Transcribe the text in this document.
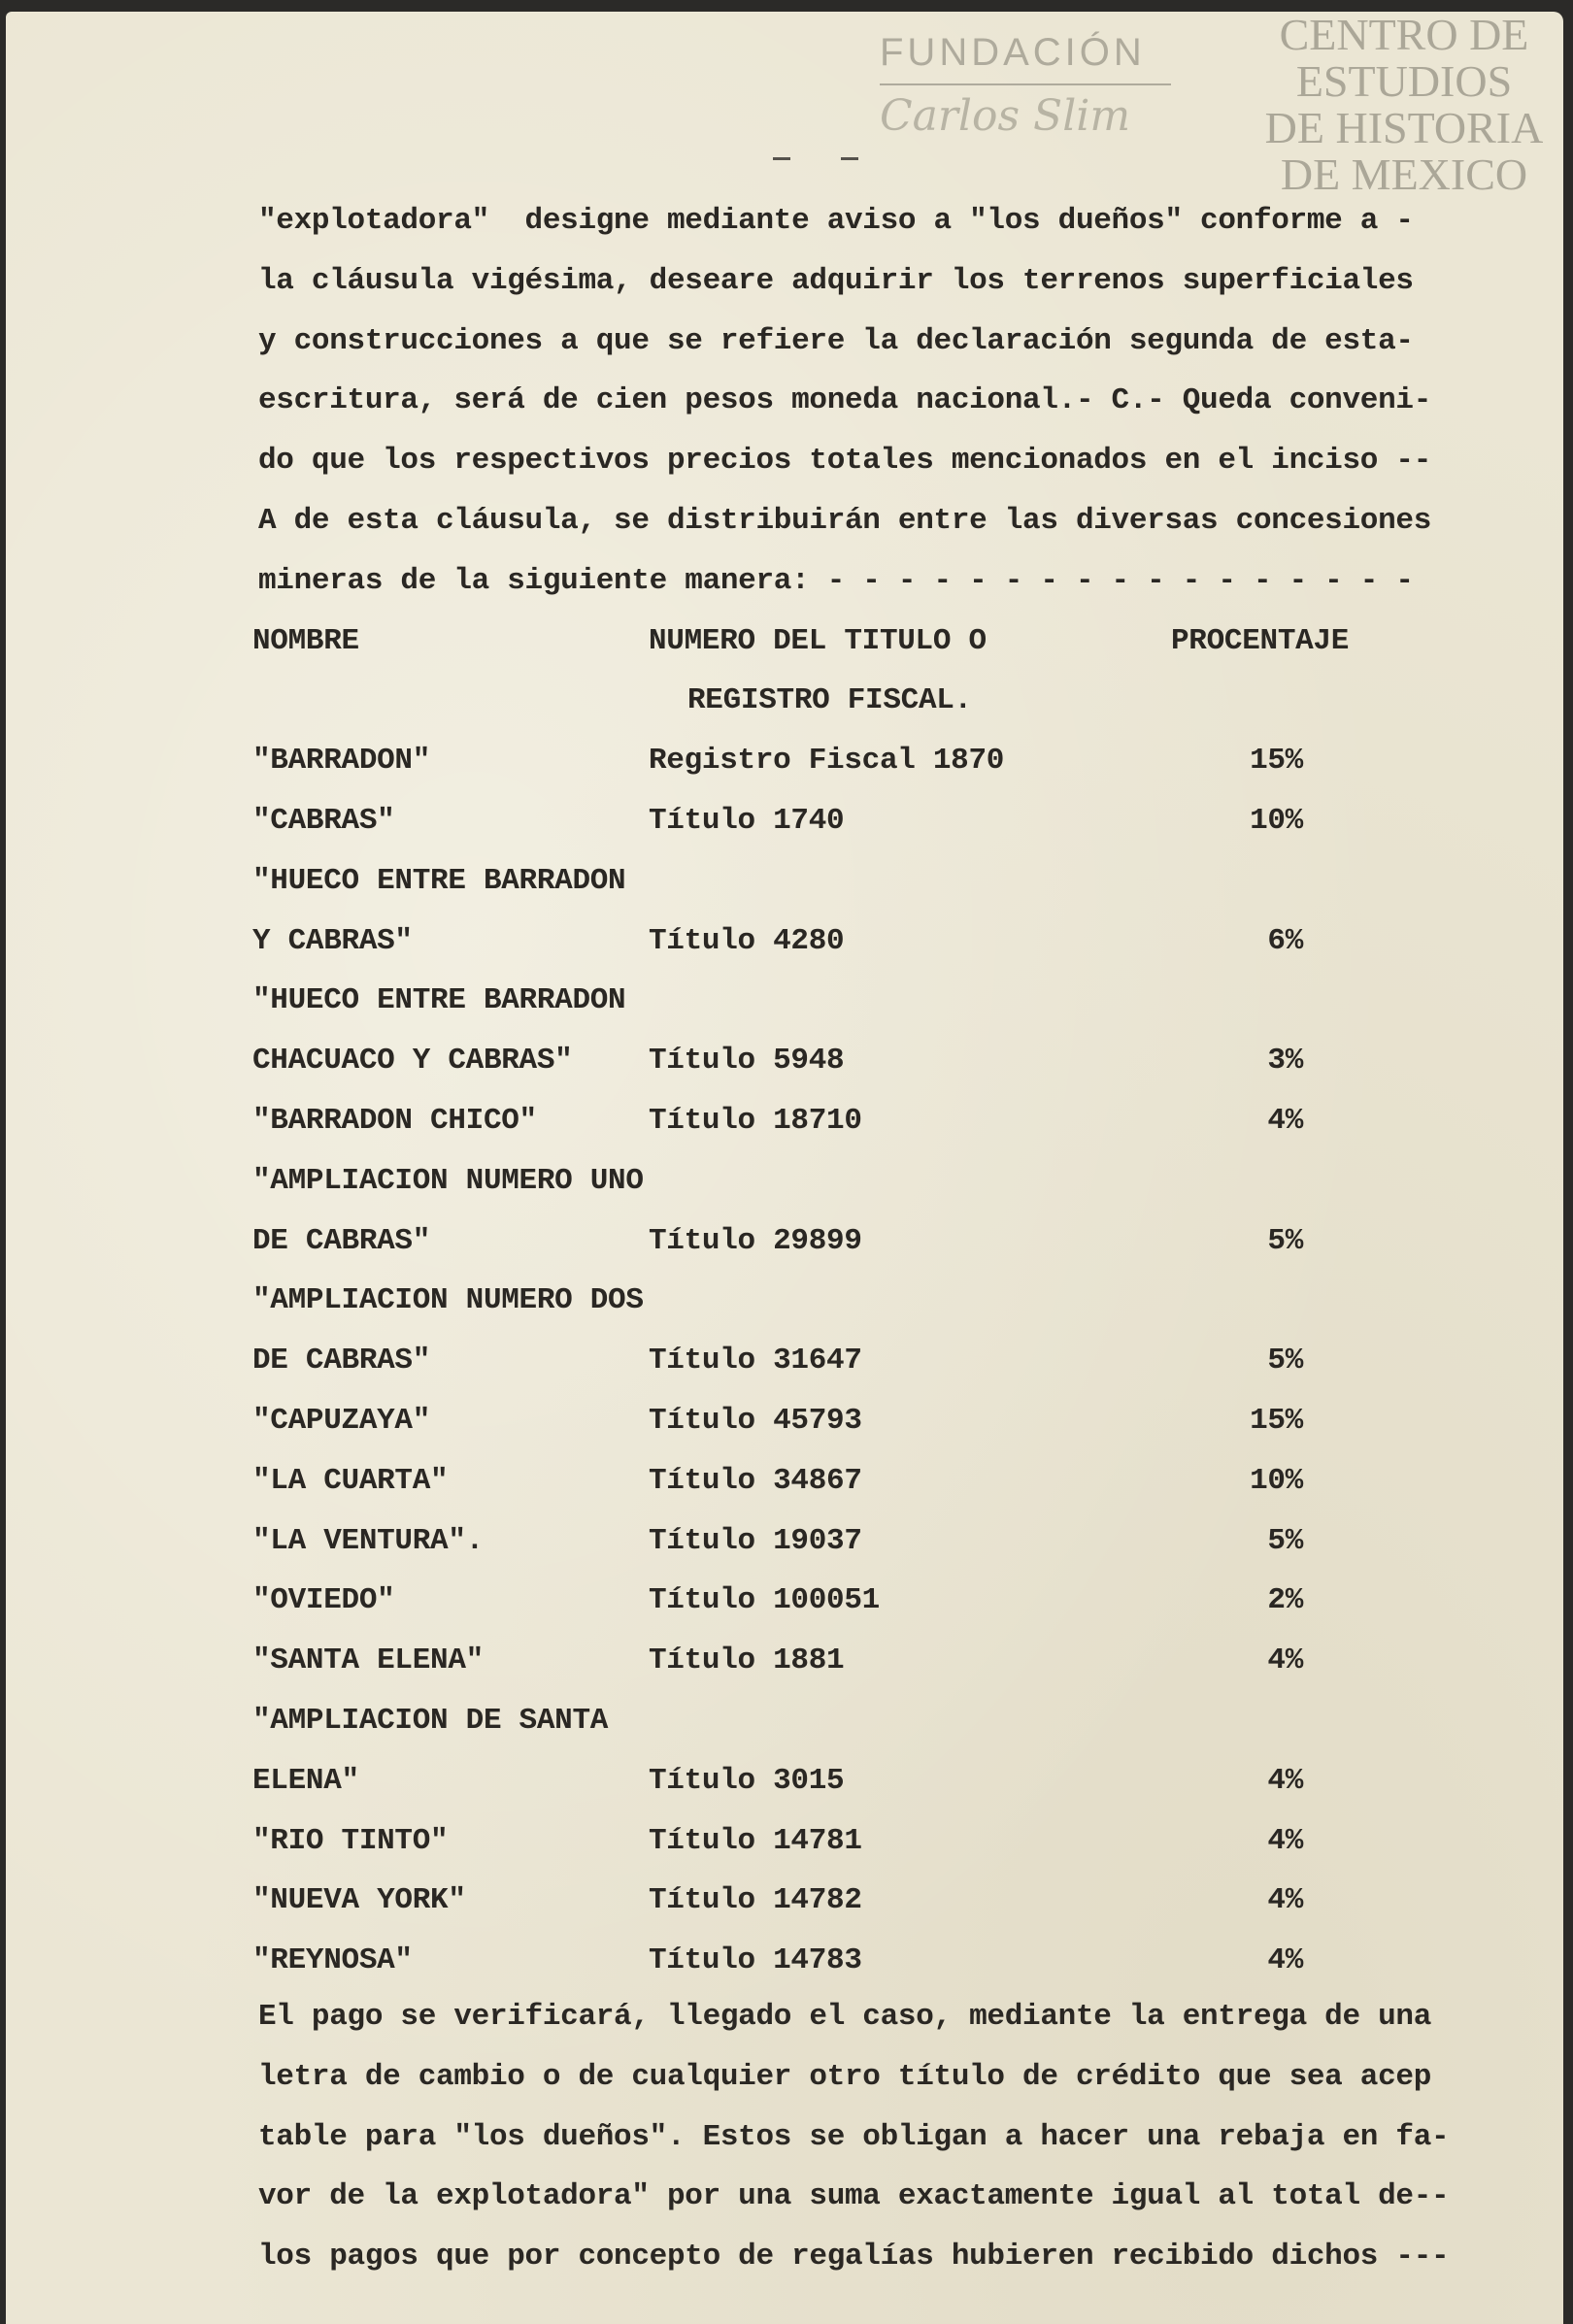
CENTRO DE
ESTUDIOS
DE HISTORIA
DE MEXICO
FUNDACIÓN
Carlos Slim
"explotadora"  designe mediante aviso a "los dueños" conforme a -
la cláusula vigésima, deseare adquirir los terrenos superficiales
y construcciones a que se refiere la declaración segunda de esta-
escritura, será de cien pesos moneda nacional.- C.- Queda conveni-
do que los respectivos precios totales mencionados en el inciso --
A de esta cláusula, se distribuirán entre las diversas concesiones
mineras de la siguiente manera: - - - - - - - - - - - - - - - - -
NOMBRE	NUMERO DEL TITULO O	PROCENTAJE
REGISTRO FISCAL.
"BARRADON"	Registro Fiscal 1870	15%
"CABRAS"	Título 1740	10%
"HUECO ENTRE BARRADON
Y CABRAS"	Título 4280	6%
"HUECO ENTRE BARRADON
CHACUACO Y CABRAS"	Título 5948	3%
"BARRADON CHICO"	Título 18710	4%
"AMPLIACION NUMERO UNO
DE CABRAS"	Título 29899	5%
"AMPLIACION NUMERO DOS
DE CABRAS"	Título 31647	5%
"CAPUZAYA"	Título 45793	15%
"LA CUARTA"	Título 34867	10%
"LA VENTURA".	Título 19037	5%
"OVIEDO"	Título 100051	2%
"SANTA ELENA"	Título 1881	4%
"AMPLIACION DE SANTA
ELENA"	Título 3015	4%
"RIO TINTO"	Título 14781	4%
"NUEVA YORK"	Título 14782	4%
"REYNOSA"	Título 14783	4%
El pago se verificará, llegado el caso, mediante la entrega de una
letra de cambio o de cualquier otro título de crédito que sea acep
table para "los dueños". Estos se obligan a hacer una rebaja en fa-
vor de la explotadora" por una suma exactamente igual al total de--
los pagos que por concepto de regalías hubieren recibido dichos ---
